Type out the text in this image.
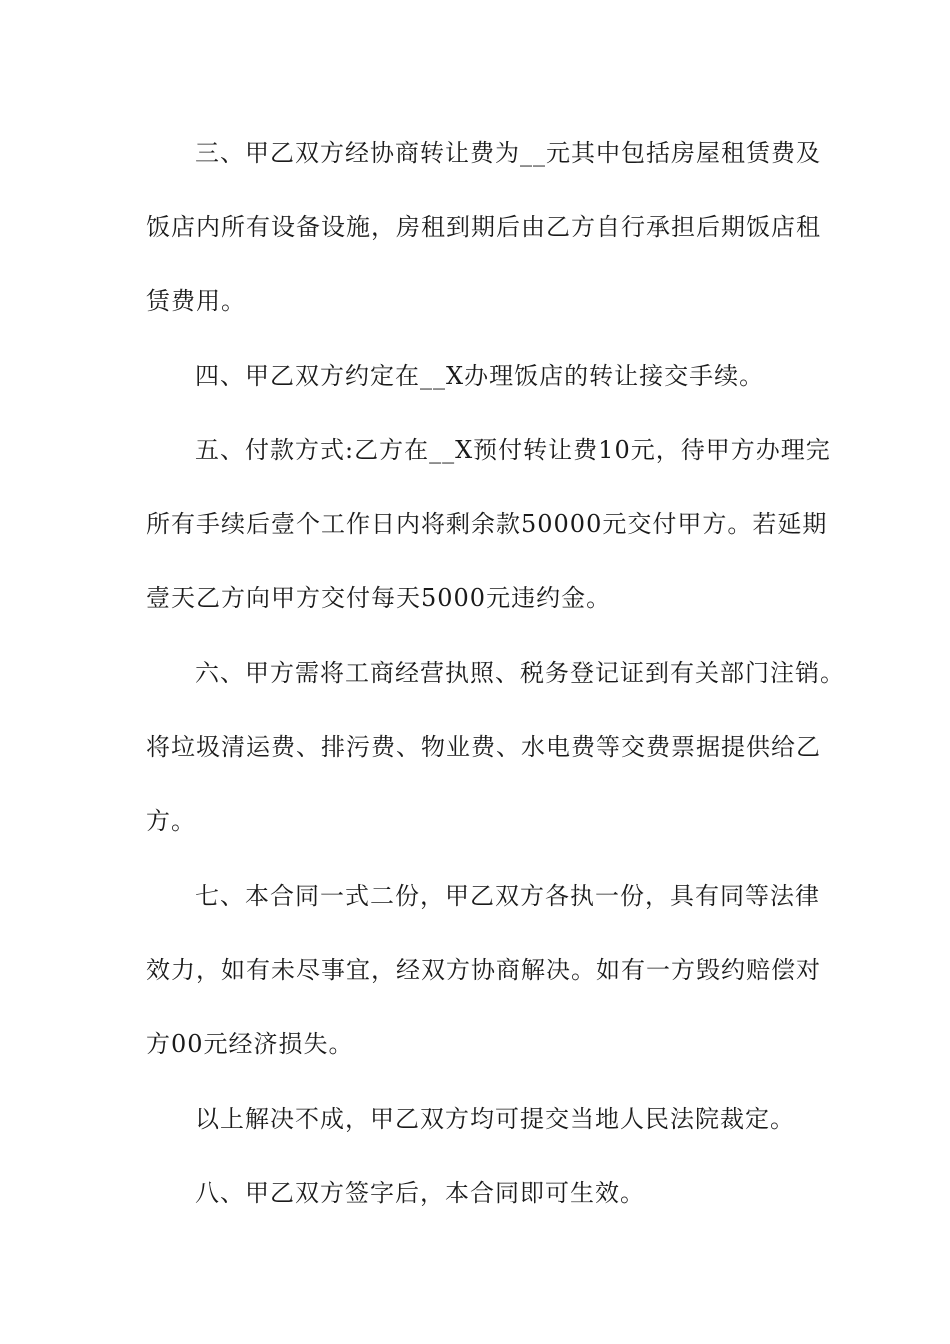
三、甲乙双方经协商转让费为__元其中包括房屋租赁费及
饭店内所有设备设施，房租到期后由乙方自行承担后期饭店租
赁费用。
四、甲乙双方约定在__X办理饭店的转让接交手续。
五、付款方式:乙方在__X预付转让费10元，待甲方办理完
所有手续后壹个工作日内将剩余款50000元交付甲方。若延期
壹天乙方向甲方交付每天5000元违约金。
六、甲方需将工商经营执照、税务登记证到有关部门注销。
将垃圾清运费、排污费、物业费、水电费等交费票据提供给乙
方。
七、本合同一式二份，甲乙双方各执一份，具有同等法律
效力，如有未尽事宜，经双方协商解决。如有一方毁约赔偿对
方00元经济损失。
以上解决不成，甲乙双方均可提交当地人民法院裁定。
八、甲乙双方签字后，本合同即可生效。
